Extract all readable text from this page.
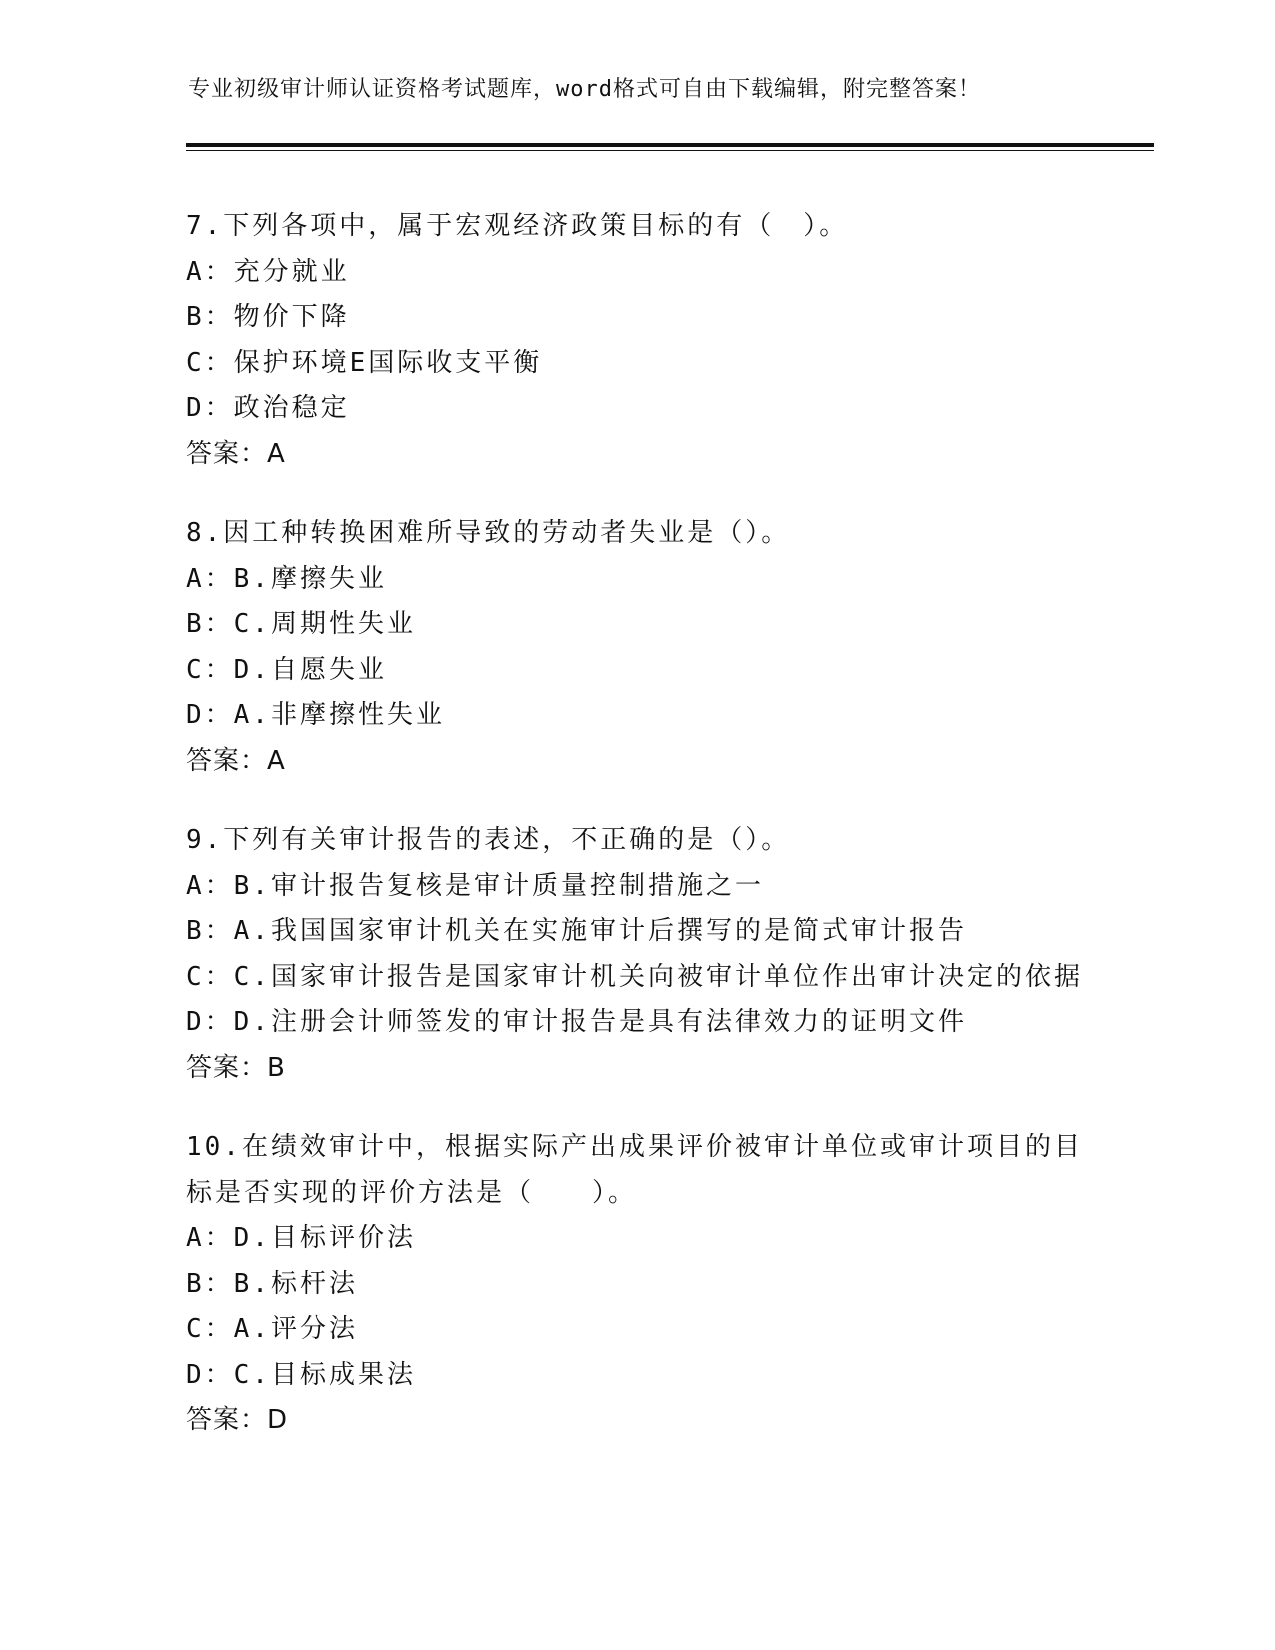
专业初级审计师认证资格考试题库，word格式可自由下载编辑，附完整答案！

7.下列各项中，属于宏观经济政策目标的有（　）。

A：充分就业

B：物价下降

C：保护环境E国际收支平衡

D：政治稳定

答案：A

8.因工种转换困难所导致的劳动者失业是（）。

A：B.摩擦失业

B：C.周期性失业

C：D.自愿失业

D：A.非摩擦性失业

答案：A

9.下列有关审计报告的表述，不正确的是（）。

A：B.审计报告复核是审计质量控制措施之一

B：A.我国国家审计机关在实施审计后撰写的是简式审计报告

C：C.国家审计报告是国家审计机关向被审计单位作出审计决定的依据

D：D.注册会计师签发的审计报告是具有法律效力的证明文件

答案：B

10.在绩效审计中，根据实际产出成果评价被审计单位或审计项目的目标是否实现的评价方法是（　　）。

A：D.目标评价法

B：B.标杆法

C：A.评分法

D：C.目标成果法

答案：D
